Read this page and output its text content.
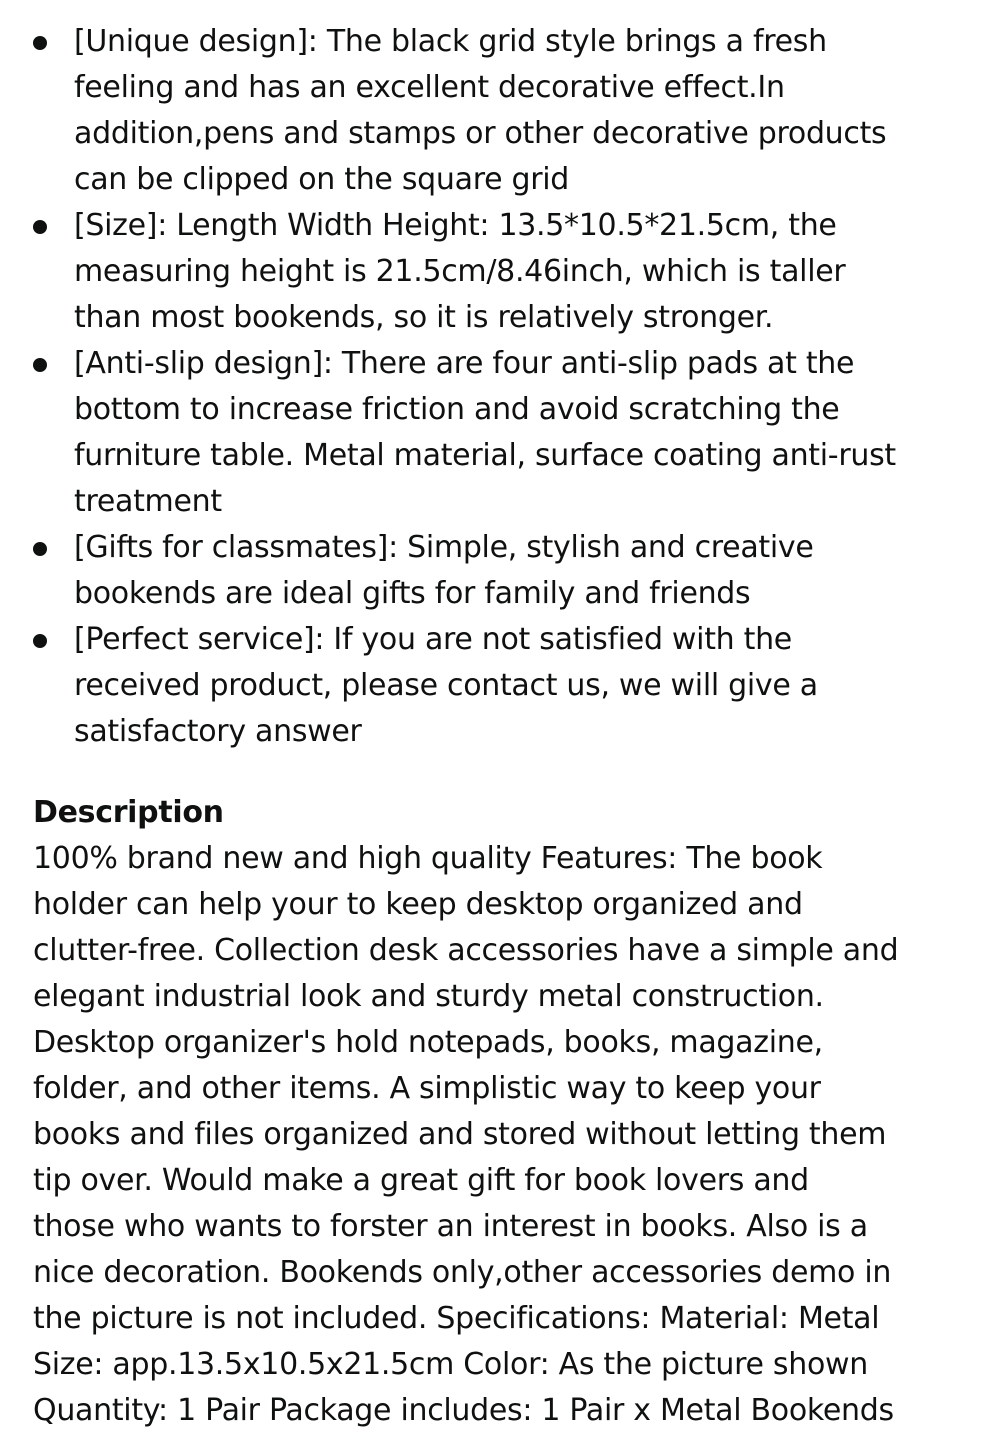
[Unique design]: The black grid style brings a fresh
feeling and has an excellent decorative effect.In
addition,pens and stamps or other decorative products
can be clipped on the square grid
[Size]: Length Width Height: 13.5*10.5*21.5cm, the
measuring height is 21.5cm/8.46inch, which is taller
than most bookends, so it is relatively stronger.
[Anti-slip design]: There are four anti-slip pads at the
bottom to increase friction and avoid scratching the
furniture table. Metal material, surface coating anti-rust
treatment
[Gifts for classmates]: Simple, stylish and creative
bookends are ideal gifts for family and friends
[Perfect service]: If you are not satisfied with the
received product, please contact us, we will give a
satisfactory answer
Description
100% brand new and high quality Features: The book
holder can help your to keep desktop organized and
clutter-free. Collection desk accessories have a simple and
elegant industrial look and sturdy metal construction.
Desktop organizer's hold notepads, books, magazine,
folder, and other items. A simplistic way to keep your
books and files organized and stored without letting them
tip over. Would make a great gift for book lovers and
those who wants to forster an interest in books. Also is a
nice decoration. Bookends only,other accessories demo in
the picture is not included. Specifications: Material: Metal
Size: app.13.5x10.5x21.5cm Color: As the picture shown
Quantity: 1 Pair Package includes: 1 Pair x Metal Bookends
